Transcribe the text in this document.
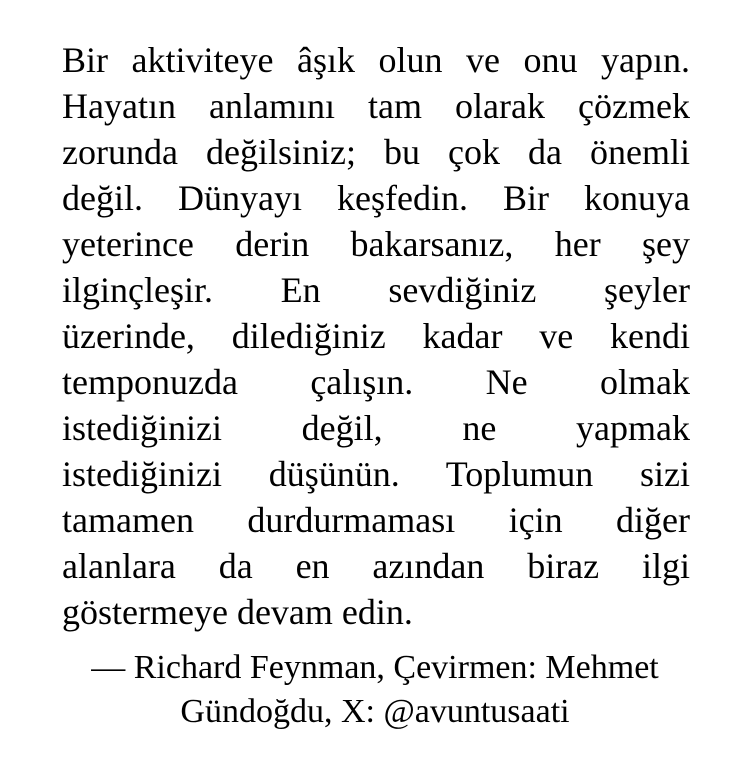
Bir aktiviteye âşık olun ve onu yapın.

Hayatın anlamını tam olarak çözmek

zorunda değilsiniz; bu çok da önemli

değil. Dünyayı keşfedin. Bir konuya

yeterince derin bakarsanız, her şey

ilginçleşir. En sevdiğiniz şeyler

üzerinde, dilediğiniz kadar ve kendi

temponuzda çalışın. Ne olmak

istediğinizi değil, ne yapmak

istediğinizi düşünün. Toplumun sizi

tamamen durdurmaması için diğer

alanlara da en azından biraz ilgi

göstermeye devam edin.

— Richard Feynman, Çevirmen: Mehmet

Gündoğdu, X: @avuntusaati
